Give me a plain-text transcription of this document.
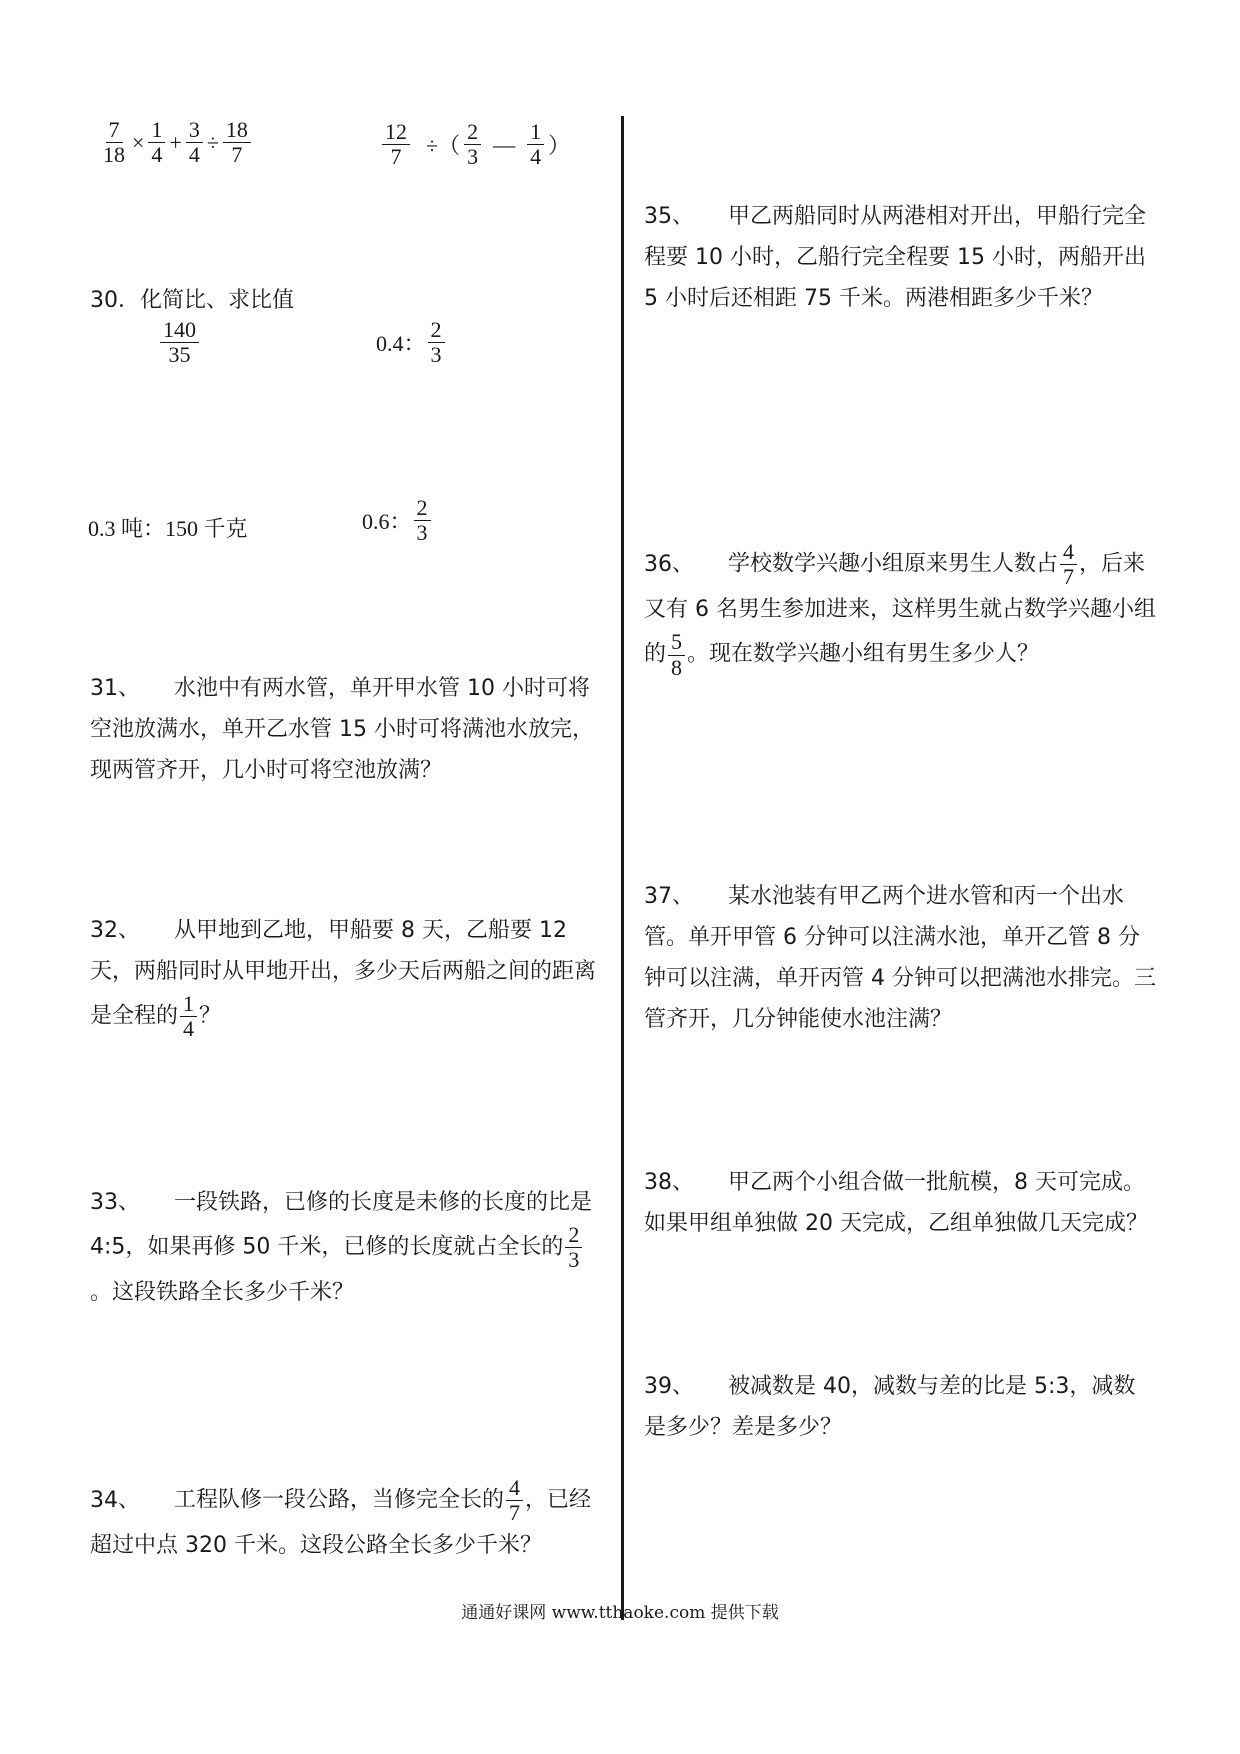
$\frac{7}{18} \times \frac{1}{4} + \frac{3}{4} \div \frac{18}{7}$	$\frac{12}{7}$ ÷（ $\frac{2}{3}$ — $\frac{1}{4}$ ）
30．化简比、求比值
$\frac{140}{35}$	0.4： $\frac{2}{3}$
0.3 吨：150 千克	0.6： $\frac{2}{3}$
31、 水池中有两水管，单开甲水管 10 小时可将空池放满水，单开乙水管 15 小时可将满池水放完，现两管齐开，几小时可将空池放满？
32、 从甲地到乙地，甲船要 8 天，乙船要 12 天，两船同时从甲地开出，多少天后两船之间的距离是全程的 $\frac{1}{4}$ ？
33、 一段铁路，已修的长度是未修的长度的比是 4:5，如果再修 50 千米，已修的长度就占全长的 $\frac{2}{3}$
。这段铁路全长多少千米？
34、 工程队修一段公路，当修完全长的 $\frac{4}{7}$ ，已经超过中点 320 千米。这段公路全长多少千米？
35、 甲乙两船同时从两港相对开出，甲船行完全程要 10 小时，乙船行完全程要 15 小时，两船开出 5 小时后还相距 75 千米。两港相距多少千米？
36、 学校数学兴趣小组原来男生人数占 $\frac{4}{7}$ ，后来又有 6 名男生参加进来，这样男生就占数学兴趣小组的 $\frac{5}{8}$ 。现在数学兴趣小组有男生多少人？
37、 某水池装有甲乙两个进水管和丙一个出水管。单开甲管 6 分钟可以注满水池，单开乙管 8 分钟可以注满，单开丙管 4 分钟可以把满池水排完。三管齐开，几分钟能使水池注满？
38、 甲乙两个小组合做一批航模，8 天可完成。如果甲组单独做 20 天完成，乙组单独做几天完成？
39、 被减数是 40，减数与差的比是 5:3，减数是多少？差是多少？
通通好课网 www.tthaoke.com 提供下载
